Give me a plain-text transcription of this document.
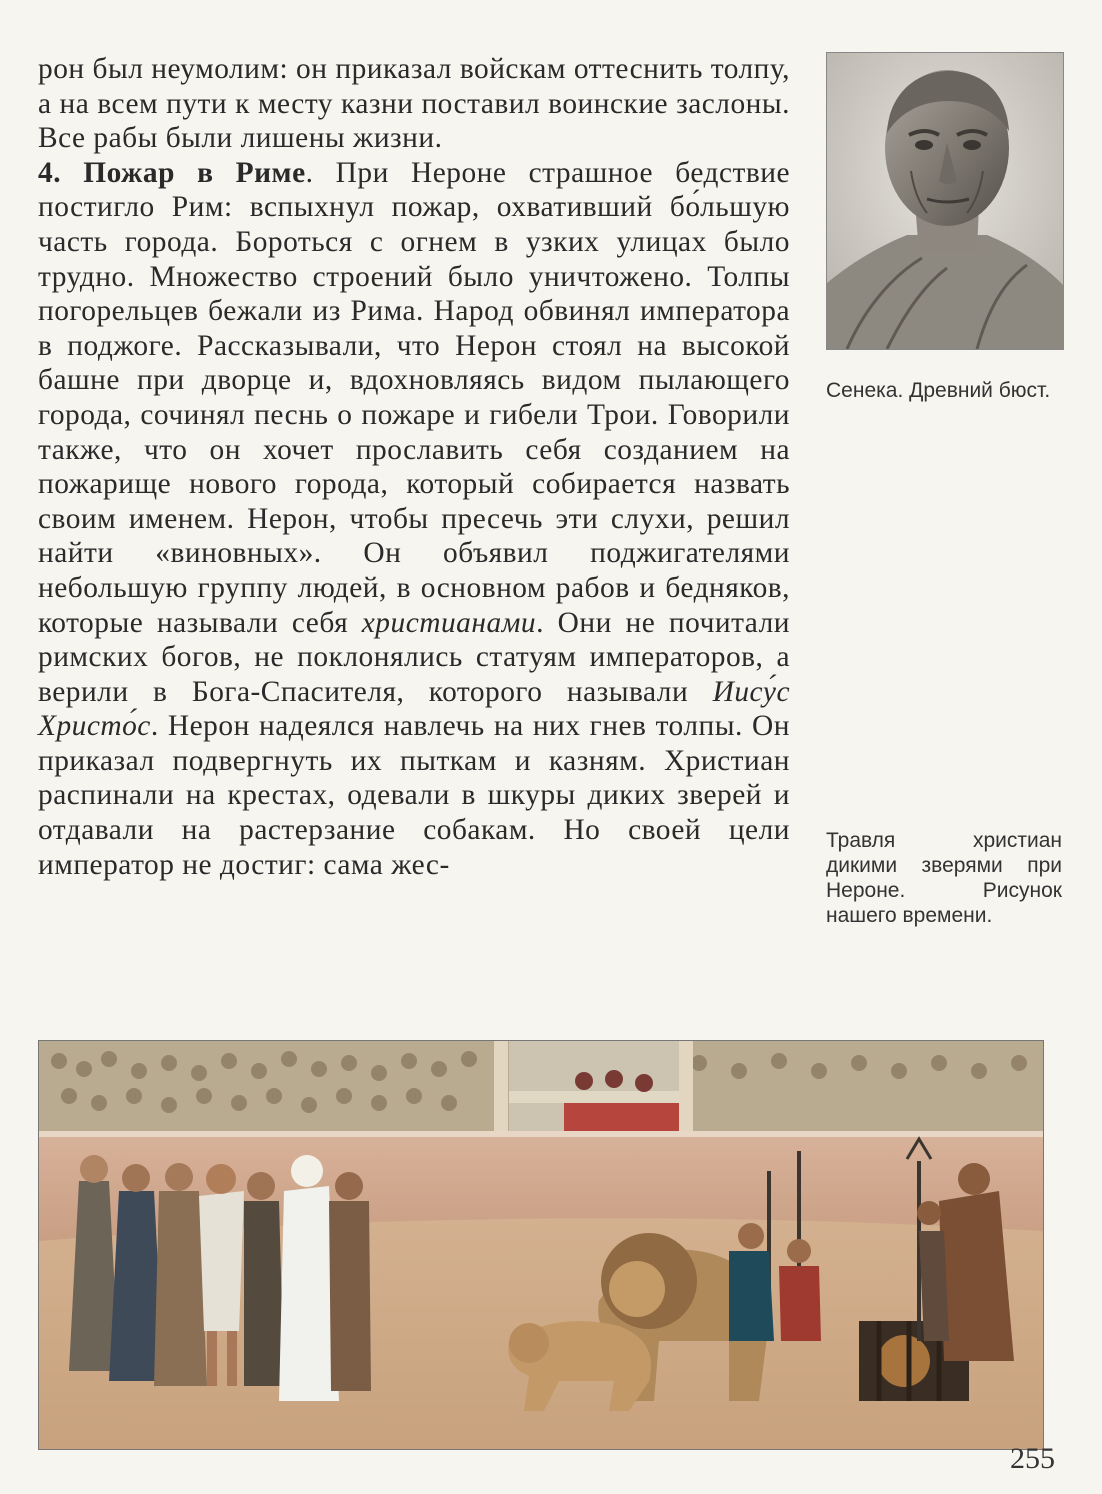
рон был неумолим: он приказал войскам оттеснить толпу, а на всем пути к месту казни поставил воинские заслоны. Все рабы были лишены жизни.

4. Пожар в Риме. При Нероне страшное бедствие постигло Рим: вспыхнул пожар, охвативший бо́льшую часть города. Бороться с огнем в узких улицах было трудно. Множество строений было уничтожено. Толпы погорельцев бежали из Рима. Народ обвинял императора в поджоге. Рассказывали, что Нерон стоял на высокой башне при дворце и, вдохновляясь видом пылающего города, сочинял песнь о пожаре и гибели Трои. Говорили также, что он хочет прославить себя созданием на пожарище нового города, который собирается назвать своим именем. Нерон, чтобы пресечь эти слухи, решил найти «виновных». Он объявил поджигателями небольшую группу людей, в основном рабов и бедняков, которые называли себя христианами. Они не почитали римских богов, не поклонялись статуям императоров, а верили в Бога-Спасителя, которого называли Иису́с Христо́с. Нерон надеялся навлечь на них гнев толпы. Он приказал подвергнуть их пыткам и казням. Христиан распинали на крестах, одевали в шкуры диких зверей и отдавали на растерзание собакам. Но своей цели император не достиг: сама жес-

Сенека. Древний бюст.
Травля христиан дикими зверями при Нероне. Рисунок нашего времени.
255
